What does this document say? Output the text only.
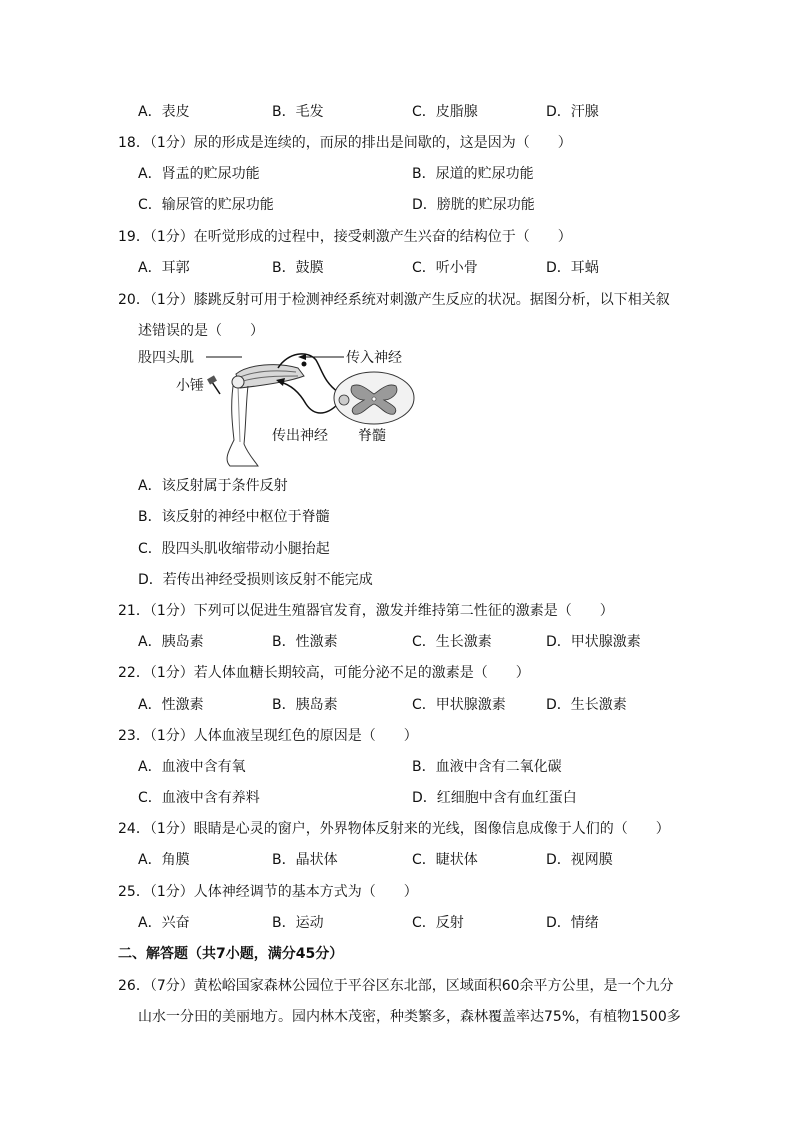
A．表皮	B．毛发	C．皮脂腺	D．汗腺
18．（1分）尿的形成是连续的，而尿的排出是间歇的，这是因为（　　）
A．肾盂的贮尿功能	B．尿道的贮尿功能
C．输尿管的贮尿功能	D．膀胱的贮尿功能
19．（1分）在听觉形成的过程中，接受刺激产生兴奋的结构位于（　　）
A．耳郭	B．鼓膜	C．听小骨	D．耳蜗
20．（1分）膝跳反射可用于检测神经系统对刺激产生反应的状况。据图分析，以下相关叙
述错误的是（　　）
股四头肌
小锤
传入神经
传出神经 脊髓
A．该反射属于条件反射
B．该反射的神经中枢位于脊髓
C．股四头肌收缩带动小腿抬起
D．若传出神经受损则该反射不能完成
21．（1分）下列可以促进生殖器官发育，激发并维持第二性征的激素是（　　）
A．胰岛素	B．性激素	C．生长激素	D．甲状腺激素
22．（1分）若人体血糖长期较高，可能分泌不足的激素是（　　）
A．性激素	B．胰岛素	C．甲状腺激素	D．生长激素
23．（1分）人体血液呈现红色的原因是（　　）
A．血液中含有氧	B．血液中含有二氧化碳
C．血液中含有养料	D．红细胞中含有血红蛋白
24．（1分）眼睛是心灵的窗户，外界物体反射来的光线，图像信息成像于人们的（　　）
A．角膜	B．晶状体	C．睫状体	D．视网膜
25．（1分）人体神经调节的基本方式为（　　）
A．兴奋	B．运动	C．反射	D．情绪
二、解答题（共7小题，满分45分）
26．（7分）黄松峪国家森林公园位于平谷区东北部，区域面积60余平方公里，是一个九分
山水一分田的美丽地方。园内林木茂密，种类繁多，森林覆盖率达75%，有植物1500多
